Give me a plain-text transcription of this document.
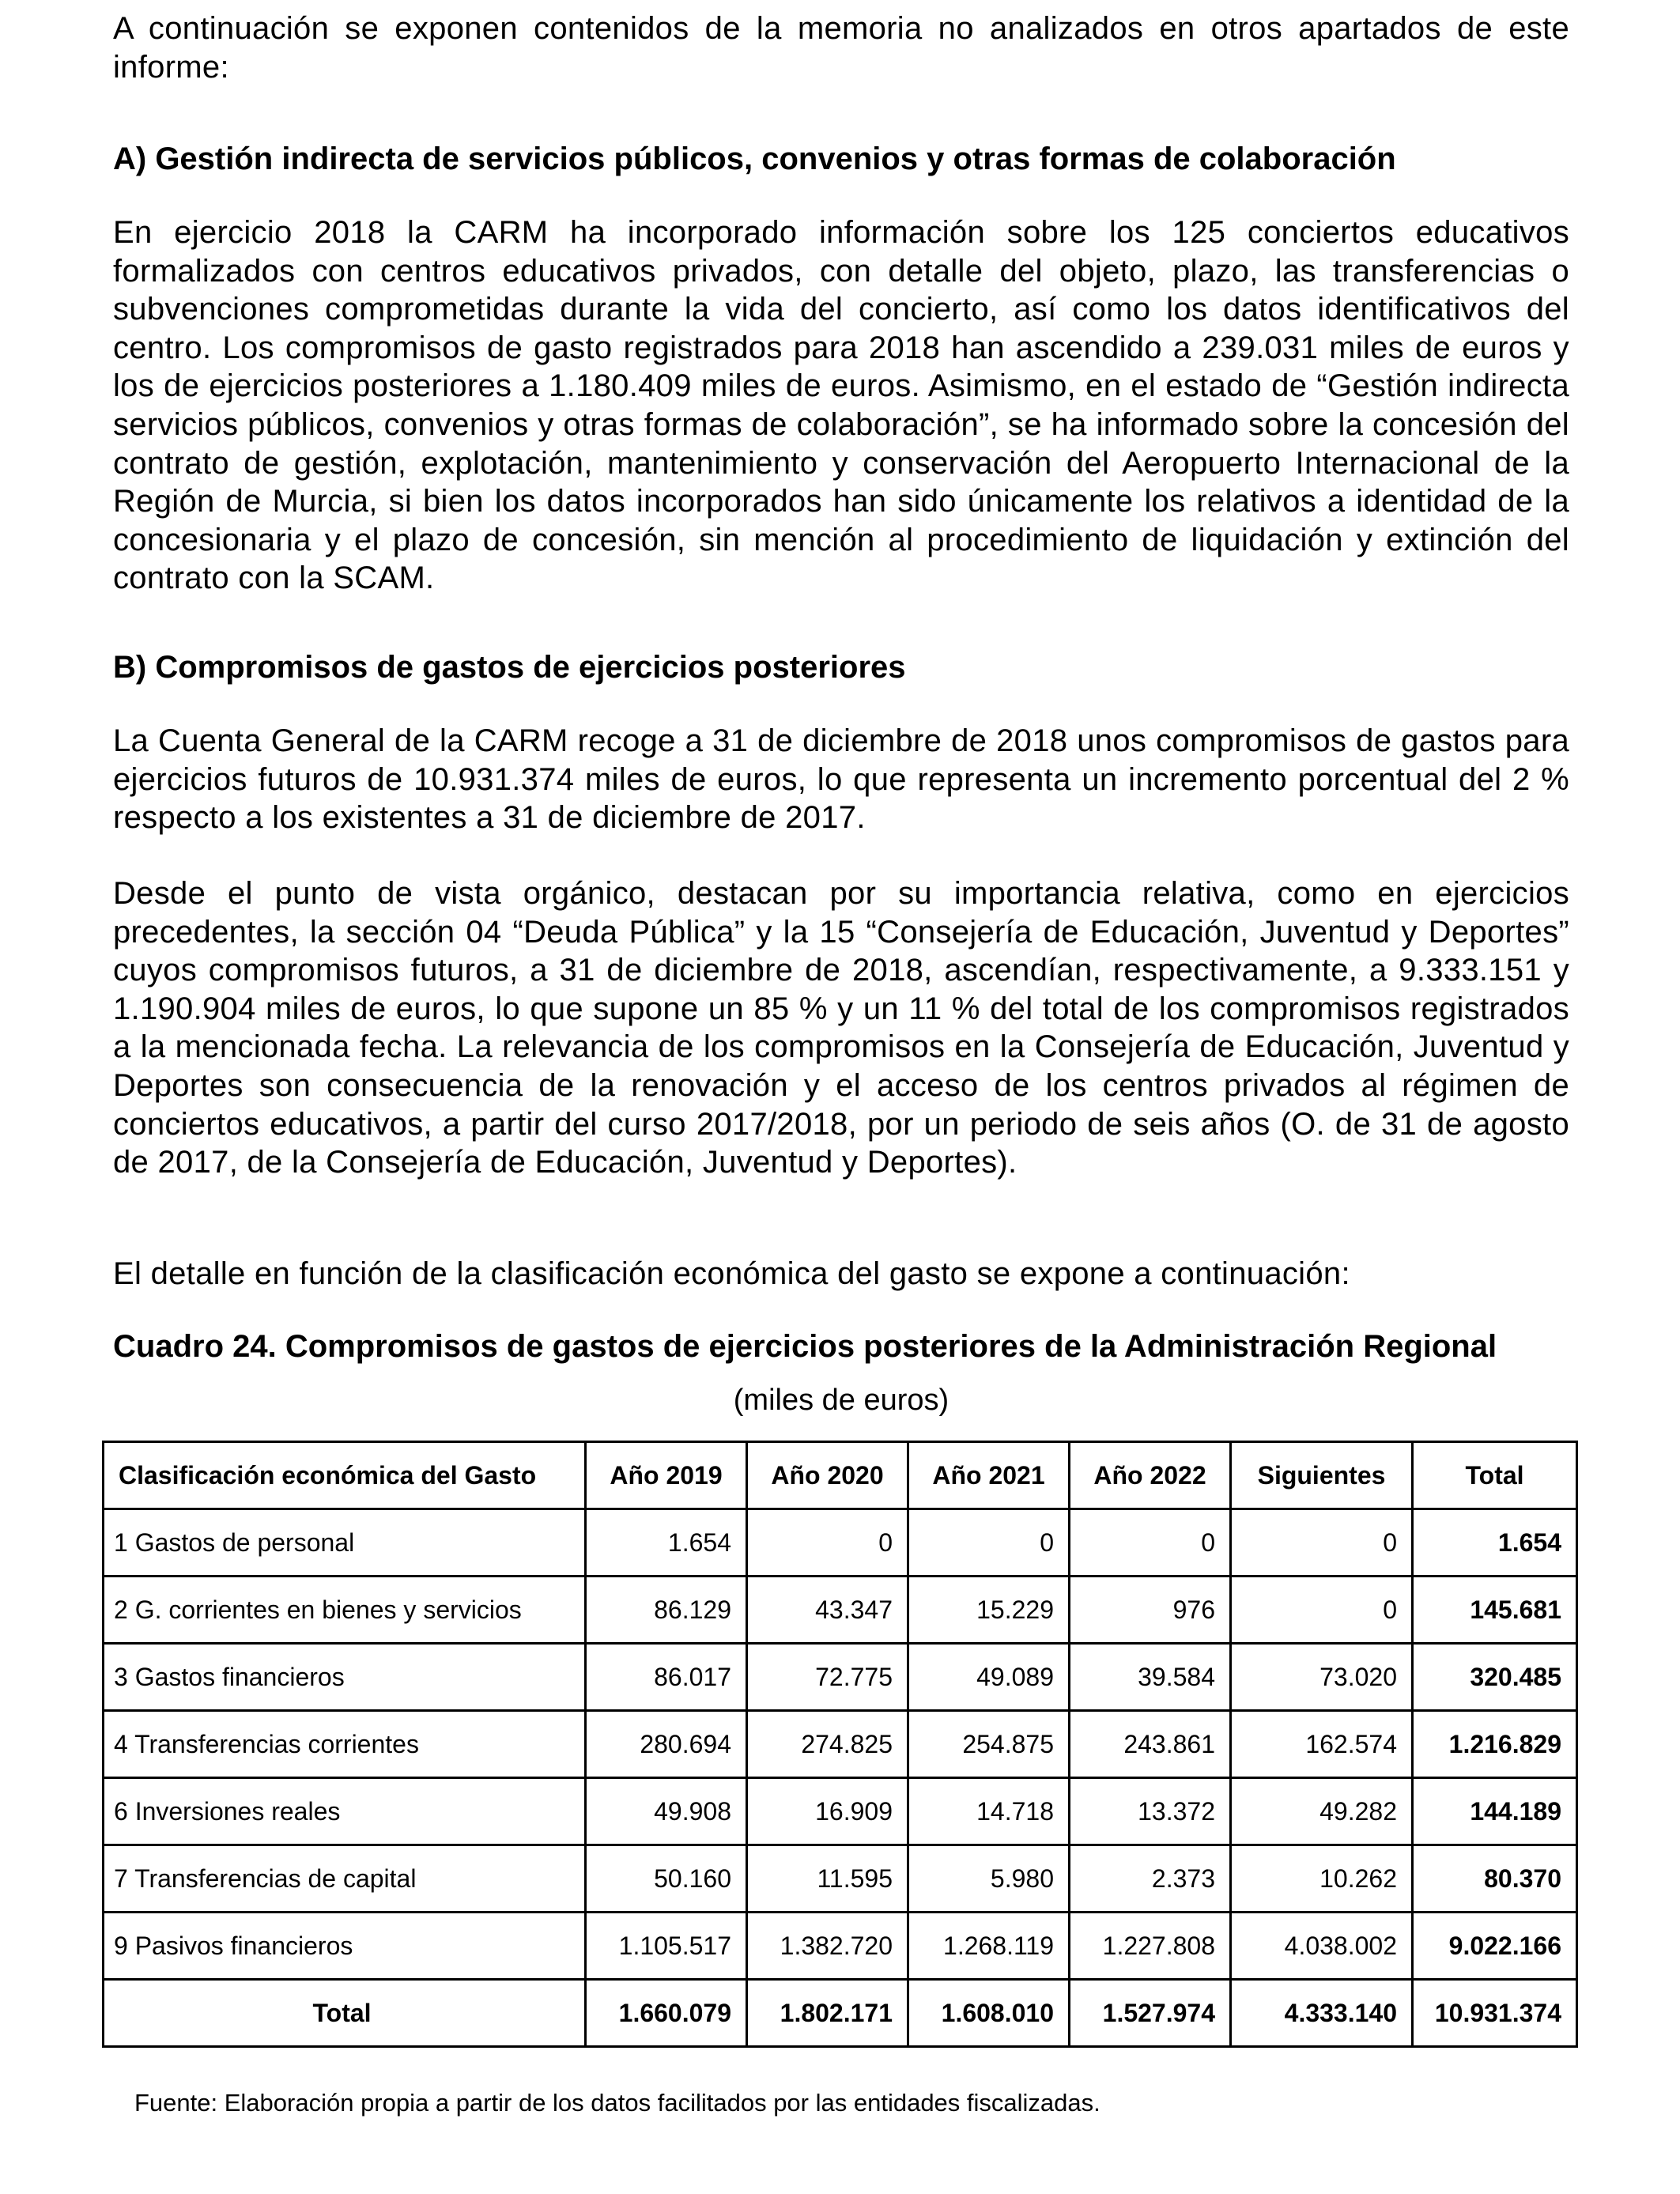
A continuación se exponen contenidos de la memoria no analizados en otros apartados de este informe:

A) Gestión indirecta de servicios públicos, convenios y otras formas de colaboración

En ejercicio 2018 la CARM ha incorporado información sobre los 125 conciertos educativos formalizados con centros educativos privados, con detalle del objeto, plazo, las transferencias o subvenciones comprometidas durante la vida del concierto, así como los datos identificativos del centro. Los compromisos de gasto registrados para 2018 han ascendido a 239.031 miles de euros y los de ejercicios posteriores a 1.180.409 miles de euros. Asimismo, en el estado de “Gestión indirecta servicios públicos, convenios y otras formas de colaboración”, se ha informado sobre la concesión del contrato de gestión, explotación, mantenimiento y conservación del Aeropuerto Internacional de la Región de Murcia, si bien los datos incorporados han sido únicamente los relativos a identidad de la concesionaria y el plazo de concesión, sin mención al procedimiento de liquidación y extinción del contrato con la SCAM.

B) Compromisos de gastos de ejercicios posteriores

La Cuenta General de la CARM recoge a 31 de diciembre de 2018 unos compromisos de gastos para ejercicios futuros de 10.931.374 miles de euros, lo que representa un incremento porcentual del 2 % respecto a los existentes a 31 de diciembre de 2017.

Desde el punto de vista orgánico, destacan por su importancia relativa, como en ejercicios precedentes, la sección 04 “Deuda Pública” y la 15 “Consejería de Educación, Juventud y Deportes” cuyos compromisos futuros, a 31 de diciembre de 2018, ascendían, respectivamente, a 9.333.151 y 1.190.904 miles de euros, lo que supone un 85 % y un 11 % del total de los compromisos registrados a la mencionada fecha. La relevancia de los compromisos en la Consejería de Educación, Juventud y Deportes son consecuencia de la renovación y el acceso de los centros privados al régimen de conciertos educativos, a partir del curso 2017/2018, por un periodo de seis años (O. de 31 de agosto de 2017, de la Consejería de Educación, Juventud y Deportes).

El detalle en función de la clasificación económica del gasto se expone a continuación:

Cuadro 24. Compromisos de gastos de ejercicios posteriores de la Administración Regional
(miles de euros)
Clasificación económica del Gasto	Año 2019	Año 2020	Año 2021	Año 2022	Siguientes	Total
1 Gastos de personal	1.654	0	0	0	0	1.654
2 G. corrientes en bienes y servicios	86.129	43.347	15.229	976	0	145.681
3 Gastos financieros	86.017	72.775	49.089	39.584	73.020	320.485
4 Transferencias corrientes	280.694	274.825	254.875	243.861	162.574	1.216.829
6 Inversiones reales	49.908	16.909	14.718	13.372	49.282	144.189
7 Transferencias de capital	50.160	11.595	5.980	2.373	10.262	80.370
9 Pasivos financieros	1.105.517	1.382.720	1.268.119	1.227.808	4.038.002	9.022.166
Total	1.660.079	1.802.171	1.608.010	1.527.974	4.333.140	10.931.374
Fuente: Elaboración propia a partir de los datos facilitados por las entidades fiscalizadas.
